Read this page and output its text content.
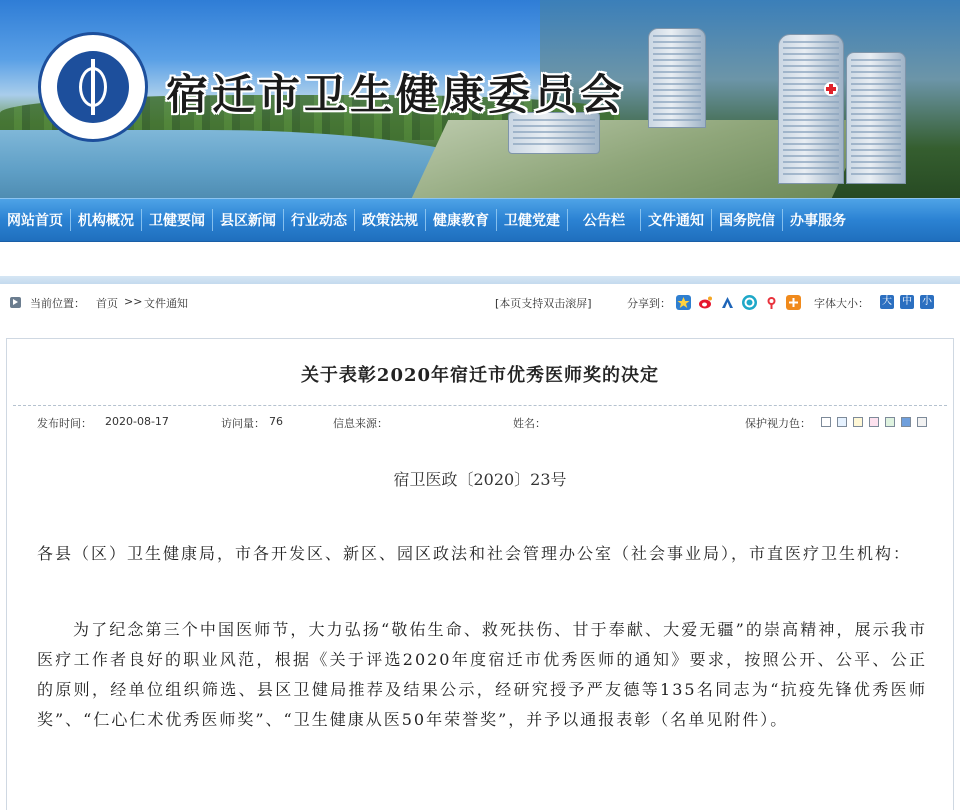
宿迁市卫生健康委员会
网站首页	机构概况	卫健要闻	县区新闻	行业动态	政策法规	健康教育	卫健党建	公告栏	文件通知	国务院信	办事服务
当前位置： 首页 >> 文件通知	[本页支持双击滚屏]	分享到：	字体大小： 大 中 小
关于表彰2020年宿迁市优秀医师奖的决定
发布时间： 2020-08-17	访问量： 76	信息来源：	姓名：	保护视力色：
宿卫医政〔2020〕23号
各县（区）卫生健康局，市各开发区、新区、园区政法和社会管理办公室（社会事业局），市直医疗卫生机构：
为了纪念第三个中国医师节，大力弘扬“敬佑生命、救死扶伤、甘于奉献、大爱无疆”的崇高精神，展示我市医疗工作者良好的职业风范，根据《关于评选2020年度宿迁市优秀医师的通知》要求，按照公开、公平、公正的原则，经单位组织筛选、县区卫健局推荐及结果公示，经研究授予严友德等135名同志为“抗疫先锋优秀医师奖”、“仁心仁术优秀医师奖”、“卫生健康从医50年荣誉奖”，并予以通报表彰（名单见附件）。
